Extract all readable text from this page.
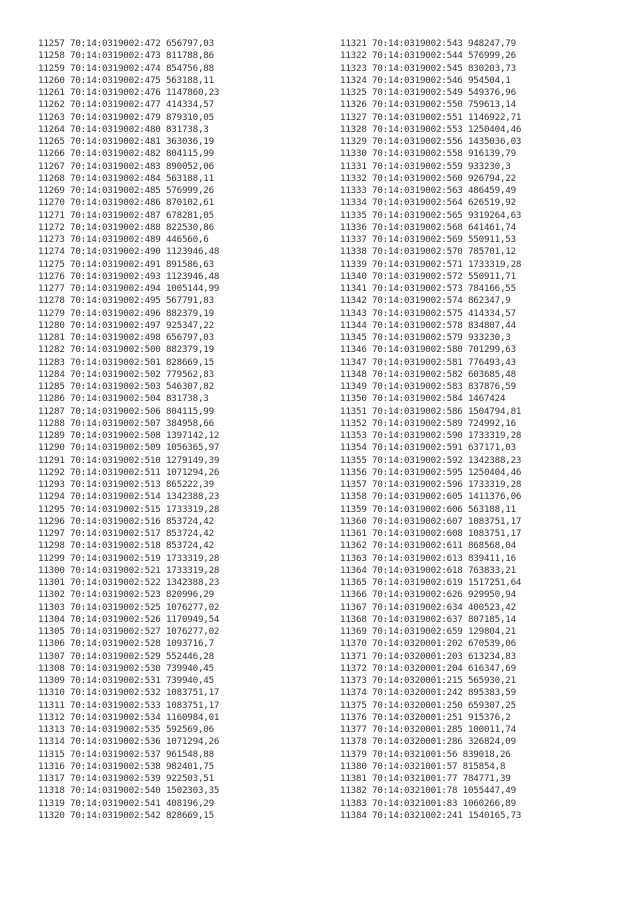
11257 70:14:0319002:472 656797,03
11258 70:14:0319002:473 811788,86
11259 70:14:0319002:474 854756,88
11260 70:14:0319002:475 563188,11
11261 70:14:0319002:476 1147860,23
11262 70:14:0319002:477 414334,57
11263 70:14:0319002:479 879310,05
11264 70:14:0319002:480 831738,3
11265 70:14:0319002:481 363036,19
11266 70:14:0319002:482 804115,99
11267 70:14:0319002:483 890052,06
11268 70:14:0319002:484 563188,11
11269 70:14:0319002:485 576999,26
11270 70:14:0319002:486 870102,61
11271 70:14:0319002:487 678281,05
11272 70:14:0319002:488 822530,86
11273 70:14:0319002:489 446560,6
11274 70:14:0319002:490 1123946,48
11275 70:14:0319002:491 891586,63
11276 70:14:0319002:493 1123946,48
11277 70:14:0319002:494 1005144,99
11278 70:14:0319002:495 567791,83
11279 70:14:0319002:496 882379,19
11280 70:14:0319002:497 925347,22
11281 70:14:0319002:498 656797,03
11282 70:14:0319002:500 882379,19
11283 70:14:0319002:501 828669,15
11284 70:14:0319002:502 779562,83
11285 70:14:0319002:503 546307,82
11286 70:14:0319002:504 831738,3
11287 70:14:0319002:506 804115,99
11288 70:14:0319002:507 384958,66
11289 70:14:0319002:508 1397142,12
11290 70:14:0319002:509 1056365,97
11291 70:14:0319002:510 1279149,39
11292 70:14:0319002:511 1071294,26
11293 70:14:0319002:513 865222,39
11294 70:14:0319002:514 1342388,23
11295 70:14:0319002:515 1733319,28
11296 70:14:0319002:516 853724,42
11297 70:14:0319002:517 853724,42
11298 70:14:0319002:518 853724,42
11299 70:14:0319002:519 1733319,28
11300 70:14:0319002:521 1733319,28
11301 70:14:0319002:522 1342388,23
11302 70:14:0319002:523 820996,29
11303 70:14:0319002:525 1076277,02
11304 70:14:0319002:526 1170949,54
11305 70:14:0319002:527 1076277,02
11306 70:14:0319002:528 1093716,7
11307 70:14:0319002:529 552446,28
11308 70:14:0319002:530 739940,45
11309 70:14:0319002:531 739940,45
11310 70:14:0319002:532 1083751,17
11311 70:14:0319002:533 1083751,17
11312 70:14:0319002:534 1160984,01
11313 70:14:0319002:535 592569,06
11314 70:14:0319002:536 1071294,26
11315 70:14:0319002:537 961548,88
11316 70:14:0319002:538 982401,75
11317 70:14:0319002:539 922503,51
11318 70:14:0319002:540 1502303,35
11319 70:14:0319002:541 408196,29
11320 70:14:0319002:542 828669,15
11321 70:14:0319002:543 948247,79
11322 70:14:0319002:544 576999,26
11323 70:14:0319002:545 830203,73
11324 70:14:0319002:546 954504,1
11325 70:14:0319002:549 549376,96
11326 70:14:0319002:550 759613,14
11327 70:14:0319002:551 1146922,71
11328 70:14:0319002:553 1250404,46
11329 70:14:0319002:556 1435036,03
11330 70:14:0319002:558 916139,79
11331 70:14:0319002:559 933230,3
11332 70:14:0319002:560 926794,22
11333 70:14:0319002:563 486459,49
11334 70:14:0319002:564 626519,92
11335 70:14:0319002:565 9319264,63
11336 70:14:0319002:568 641461,74
11337 70:14:0319002:569 550911,53
11338 70:14:0319002:570 785701,12
11339 70:14:0319002:571 1733319,28
11340 70:14:0319002:572 550911,71
11341 70:14:0319002:573 784166,55
11342 70:14:0319002:574 862347,9
11343 70:14:0319002:575 414334,57
11344 70:14:0319002:578 834807,44
11345 70:14:0319002:579 933230,3
11346 70:14:0319002:580 701299,63
11347 70:14:0319002:581 776493,43
11348 70:14:0319002:582 603685,48
11349 70:14:0319002:583 837876,59
11350 70:14:0319002:584 1467424
11351 70:14:0319002:586 1504794,81
11352 70:14:0319002:589 724992,16
11353 70:14:0319002:590 1733319,28
11354 70:14:0319002:591 637171,03
11355 70:14:0319002:592 1342388,23
11356 70:14:0319002:595 1250404,46
11357 70:14:0319002:596 1733319,28
11358 70:14:0319002:605 1411376,06
11359 70:14:0319002:606 563188,11
11360 70:14:0319002:607 1083751,17
11361 70:14:0319002:608 1083751,17
11362 70:14:0319002:611 868568,04
11363 70:14:0319002:613 839411,16
11364 70:14:0319002:618 763833,21
11365 70:14:0319002:619 1517251,64
11366 70:14:0319002:626 929950,94
11367 70:14:0319002:634 400523,42
11368 70:14:0319002:637 807185,14
11369 70:14:0319002:659 129804,21
11370 70:14:0320001:202 670539,06
11371 70:14:0320001:203 613234,83
11372 70:14:0320001:204 616347,69
11373 70:14:0320001:215 565930,21
11374 70:14:0320001:242 895383,59
11375 70:14:0320001:250 659307,25
11376 70:14:0320001:251 915376,2
11377 70:14:0320001:285 100011,74
11378 70:14:0320001:286 326824,09
11379 70:14:0321001:56 839018,26
11380 70:14:0321001:57 815854,8
11381 70:14:0321001:77 784771,39
11382 70:14:0321001:78 1055447,49
11383 70:14:0321001:83 1060266,89
11384 70:14:0321002:241 1540165,73
